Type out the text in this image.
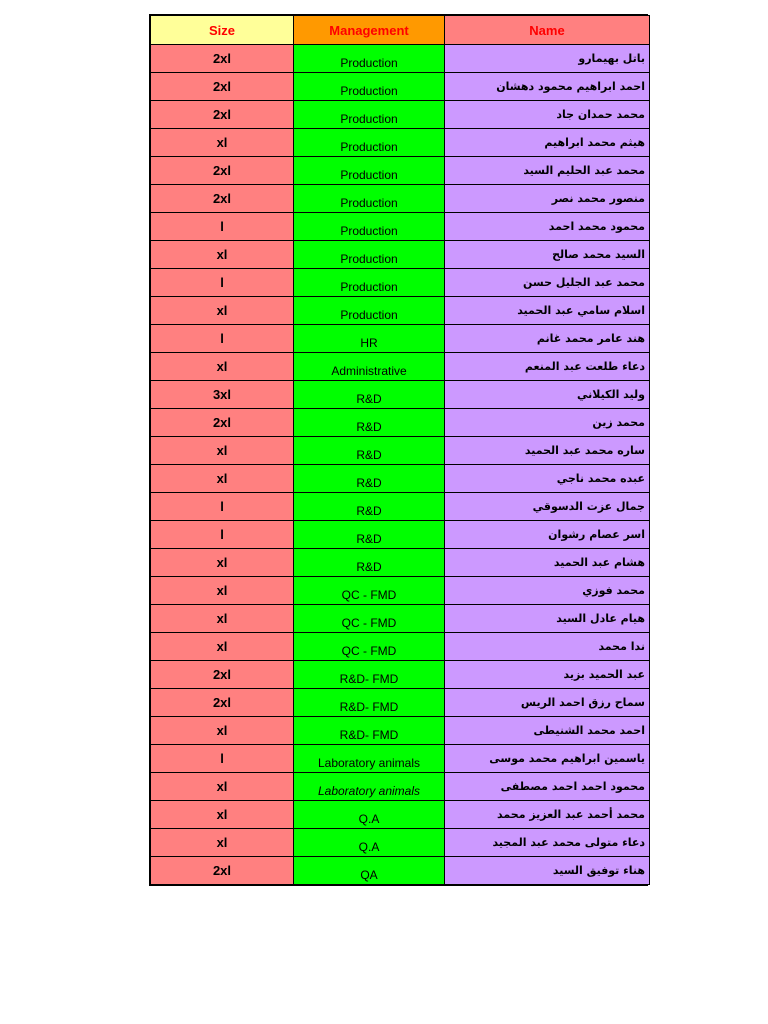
Size	Management	Name
2xl	Production	باتل بهيمارو
2xl	Production	احمد ابراهيم محمود دهشان
2xl	Production	محمد حمدان جاد
xl	Production	هيثم محمد ابراهيم
2xl	Production	محمد عبد الحليم السيد
2xl	Production	منصور محمد نصر
l	Production	محمود محمد احمد
xl	Production	السيد محمد صالح
l	Production	محمد عبد الجليل حسن
xl	Production	اسلام سامي عبد الحميد
l	HR	هند عامر محمد غانم
xl	Administrative	دعاء طلعت عبد المنعم
3xl	R&D	وليد الكيلاني
2xl	R&D	محمد زين
xl	R&D	ساره محمد عبد الحميد
xl	R&D	عبده محمد ناجي
l	R&D	جمال عزت الدسوقي
l	R&D	اسر عصام رشوان
xl	R&D	هشام عبد الحميد
xl	QC - FMD	محمد فوزي
xl	QC - FMD	هيام عادل السيد
xl	QC - FMD	ندا محمد
2xl	R&D- FMD	عبد الحميد بزيد
2xl	R&D- FMD	سماح رزق احمد الريس
xl	R&D- FMD	احمد محمد الشنيطى
l	Laboratory animals	ياسمين ابراهيم محمد موسى
xl	Laboratory animals	محمود احمد احمد مصطفى
xl	Q.A	محمد أحمد عبد العزيز محمد
xl	Q.A	دعاء متولى محمد عبد المجيد
2xl	QA	هناء توفيق السيد
